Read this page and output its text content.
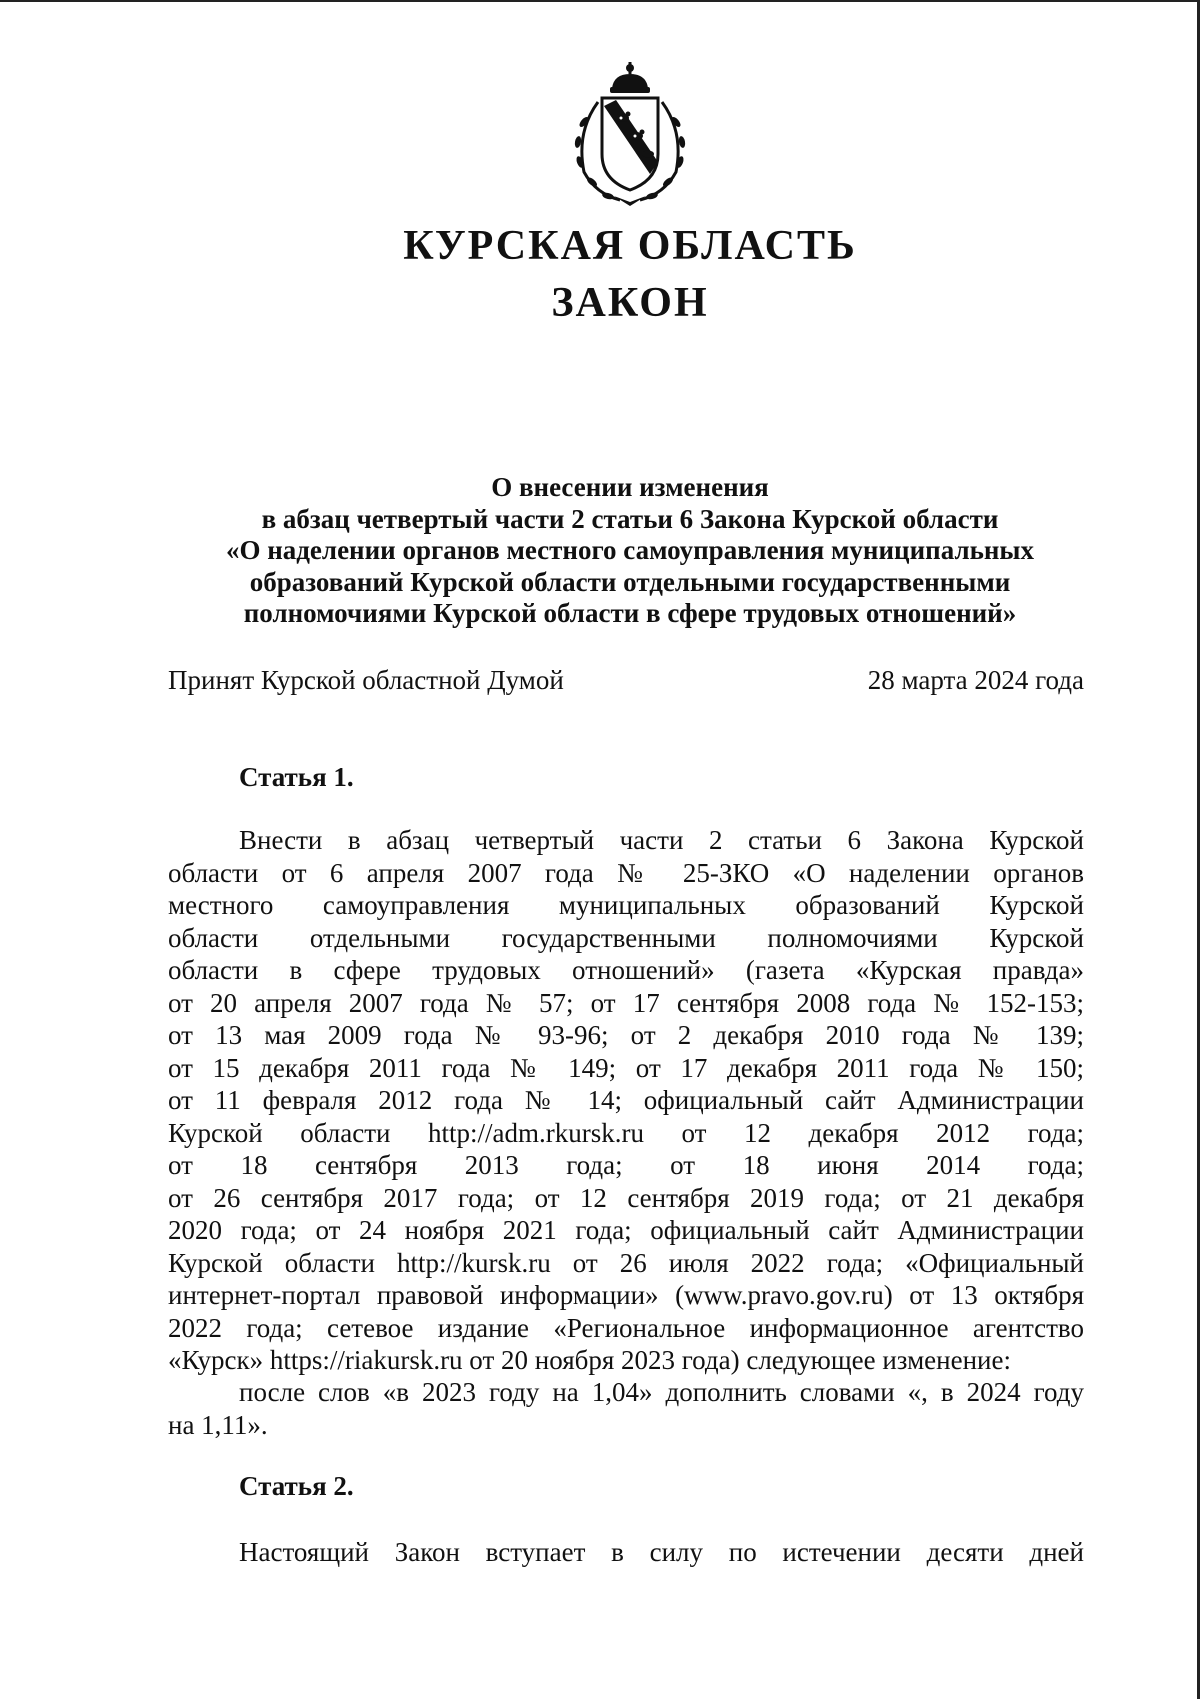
КУРСКАЯ ОБЛАСТЬ
ЗАКОН
О внесении изменения
в абзац четвертый части 2 статьи 6 Закона Курской области
«О наделении органов местного самоуправления муниципальных
образований Курской области отдельными государственными
полномочиями Курской области в сфере трудовых отношений»
Принят Курской областной Думой	28 марта 2024 года
Статья 1.
Внести в абзац четвертый части 2 статьи 6 Закона Курской
области от 6 апреля 2007 года № 25-ЗКО «О наделении органов
местного самоуправления муниципальных образований Курской
области отдельными государственными полномочиями Курской
области в сфере трудовых отношений» (газета «Курская правда»
от 20 апреля 2007 года № 57; от 17 сентября 2008 года № 152-153;
от 13 мая 2009 года № 93-96; от 2 декабря 2010 года № 139;
от 15 декабря 2011 года № 149; от 17 декабря 2011 года № 150;
от 11 февраля 2012 года № 14; официальный сайт Администрации
Курской области http://adm.rkursk.ru от 12 декабря 2012 года;
от 18 сентября 2013 года; от 18 июня 2014 года;
от 26 сентября 2017 года; от 12 сентября 2019 года; от 21 декабря
2020 года; от 24 ноября 2021 года; официальный сайт Администрации
Курской области http://kursk.ru от 26 июля 2022 года; «Официальный
интернет-портал правовой информации» (www.pravo.gov.ru) от 13 октября
2022 года; сетевое издание «Региональное информационное агентство
«Курск» https://riakursk.ru от 20 ноября 2023 года) следующее изменение:
после слов «в 2023 году на 1,04» дополнить словами «, в 2024 году
на 1,11».
Статья 2.
Настоящий Закон вступает в силу по истечении десяти дней
